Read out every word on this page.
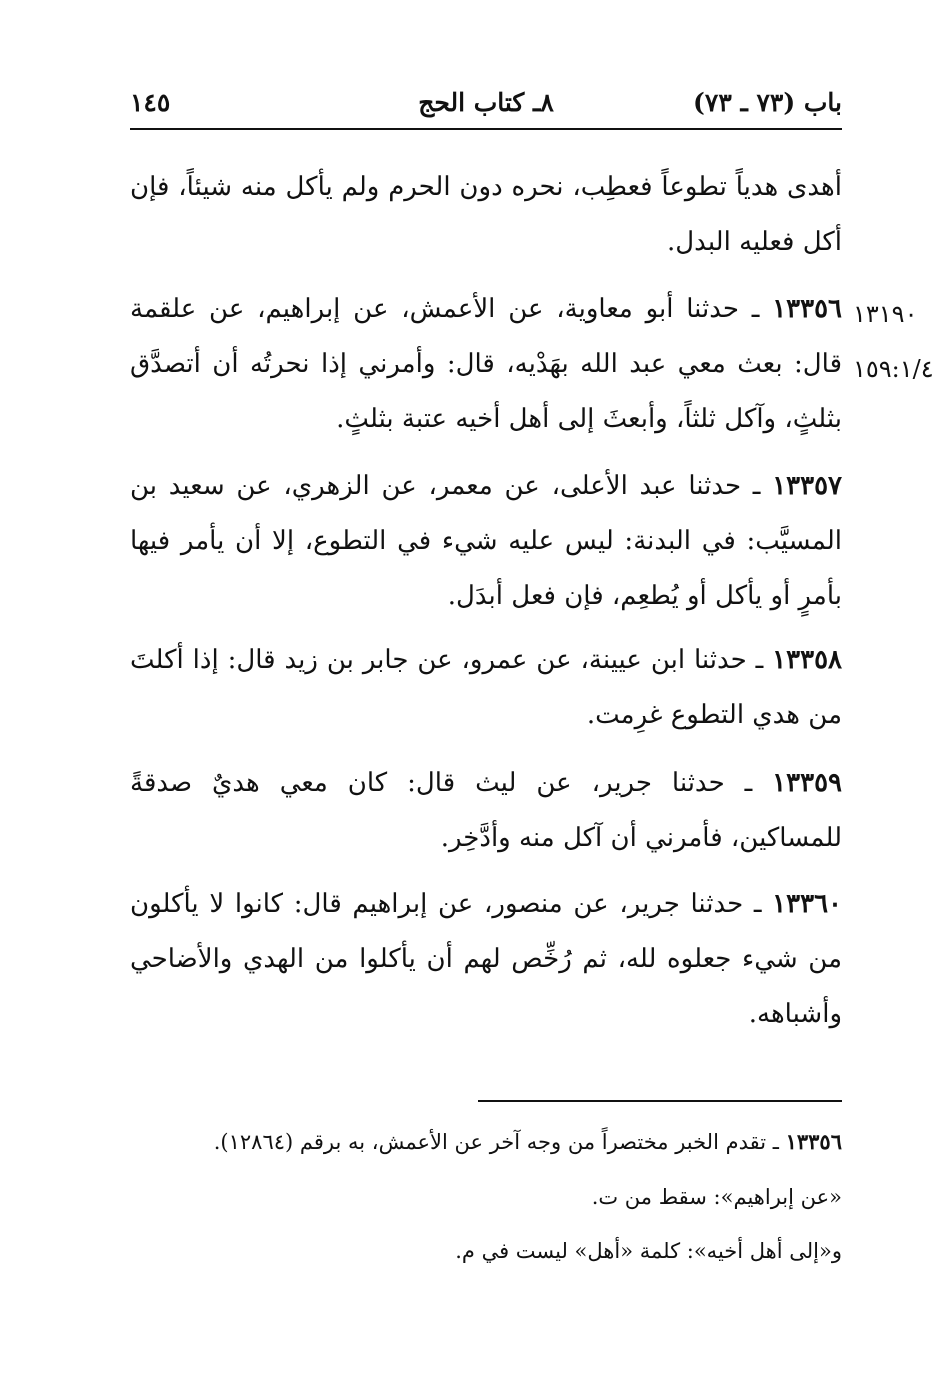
باب (٧٣ ـ ٧٣)
٨ـ كتاب الحج
١٤٥

أهدى هدياً تطوعاً فعطِب، نحره دون الحرم ولم يأكل منه شيئاً، فإن أكل فعليه البدل.

١٣١٩٠
١٥٩:١/٤

١٣٣٥٦ ـ حدثنا أبو معاوية، عن الأعمش، عن إبراهيم، عن علقمة قال: بعث معي عبد الله بهَدْيه، قال: وأمرني إذا نحرتُه أن أتصدَّق بثلثٍ، وآكل ثلثاً، وأبعثَ إلى أهل أخيه عتبة بثلثٍ.

١٣٣٥٧ ـ حدثنا عبد الأعلى، عن معمر، عن الزهري، عن سعيد بن المسيَّب: في البدنة: ليس عليه شيء في التطوع، إلا أن يأمر فيها بأمرٍ أو يأكل أو يُطعِم، فإن فعل أبدَل.

١٣٣٥٨ ـ حدثنا ابن عيينة، عن عمرو، عن جابر بن زيد قال: إذا أكلتَ من هدي التطوع غرِمت.

١٣٣٥٩ ـ حدثنا جرير، عن ليث قال: كان معي هديٌ صدقةً للمساكين، فأمرني أن آكل منه وأدَّخِر.

١٣٣٦٠ ـ حدثنا جرير، عن منصور، عن إبراهيم قال: كانوا لا يأكلون من شيء جعلوه لله، ثم رُخِّص لهم أن يأكلوا من الهدي والأضاحي وأشباهه.

١٣٣٥٦ ـ تقدم الخبر مختصراً من وجه آخر عن الأعمش، به برقم (١٢٨٦٤).

«عن إبراهيم»: سقط من ت.

و«إلى أهل أخيه»: كلمة «أهل» ليست في م.
